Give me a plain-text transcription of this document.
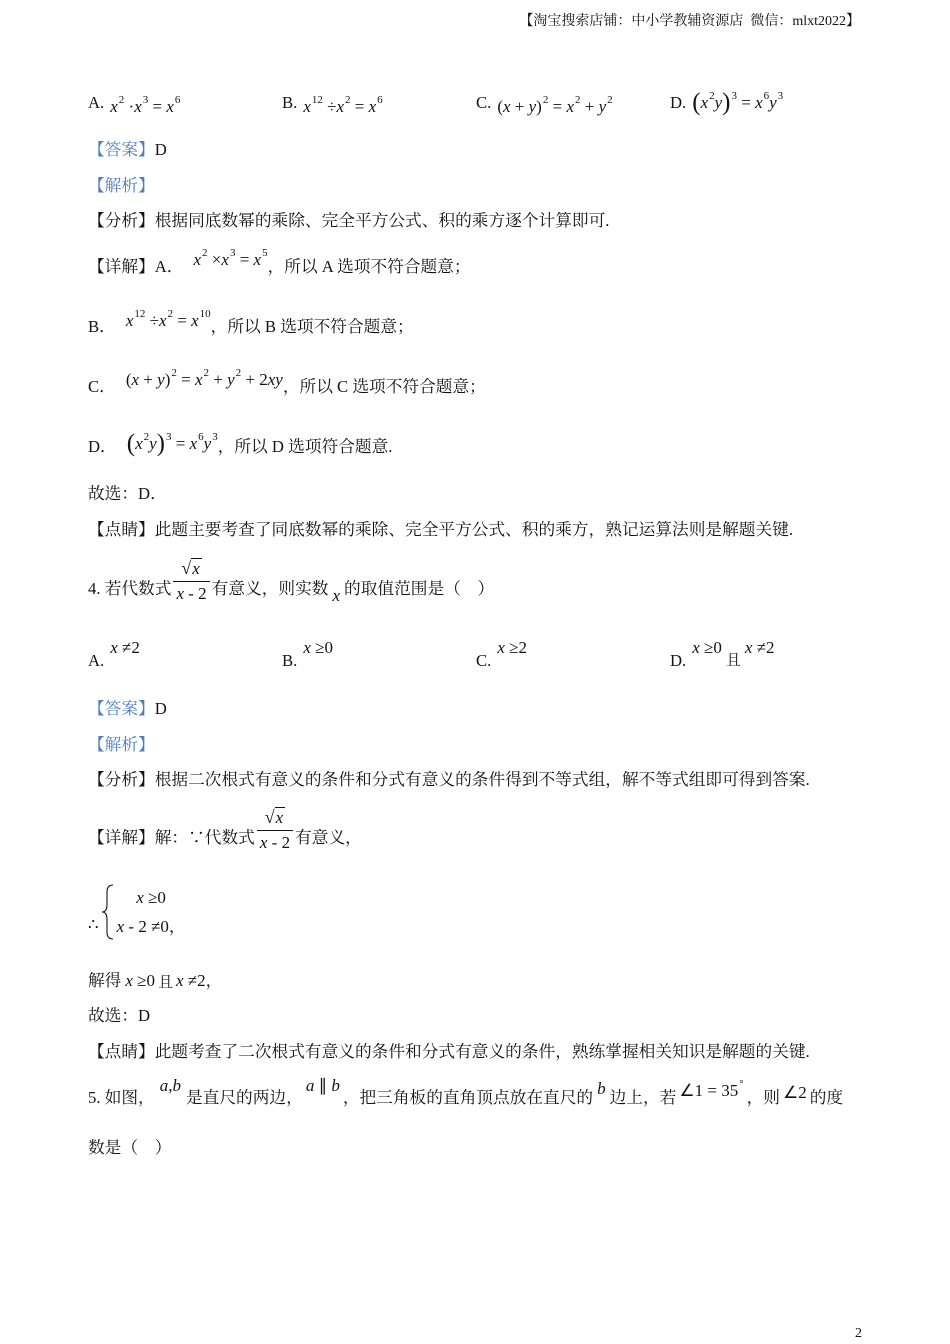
【淘宝搜索店铺：中小学教辅资源店  微信：mlxt2022】
A. $x^2 \cdot x^3 = x^6$	B. $x^{12} \div x^2 = x^6$	C. $(x + y)^2 = x^2 + y^2$	D. $(x^2y)^3 = x^6y^3$
【答案】 D
【解析】
【分析】 根据同底数幂的乘除、完全平方公式、积的乘方逐个计算即可.
【详解】 A． $x^2 \times x^3 = x^5$
，所以 A 选项不符合题意；
B． $x^{12} \div x^2 = x^{10}$
，所以 B 选项不符合题意；
C． $(x + y)^2 = x^2 + y^2 + 2xy$ ，所以 C 选项不符合题意；
D． $(x^2y)^3 = x^6y^3$
，所以 D 选项符合题意.
故选：D．
【点睛】 此题主要考查了同底数幂的乘除、完全平方公式、积的乘方，熟记运算法则是解题关键.
4. 若代数式 $\frac{√x}{x - 2}$ 有意义，则实数 x 的取值范围是（    ）
A.
x ≠2
B.
x ≥0
C.
x ≥2
D.
x ≥0
且
x ≠2
【答案】 D
【解析】
【分析】 根据二次根式有意义的条件和分式有意义的条件得到不等式组，解不等式组即可得到答案.
【详解】 解：∵代数式 $\frac{√x}{x - 2}$ 有意义，
∴
x ≥0
x - 2 ≠0 ，
解得 x ≥0 且 x ≠2 ，
故选：D
【点睛】 此题考查了二次根式有意义的条件和分式有意义的条件，熟练掌握相关知识是解题的关键.
5. 如图，
a,b
是直尺的两边，
a ∥ b
，把三角板的直角顶点放在直尺的 b 边上，若 ∠1 = 35°
，则 ∠2 的度
数是（    ）
2
